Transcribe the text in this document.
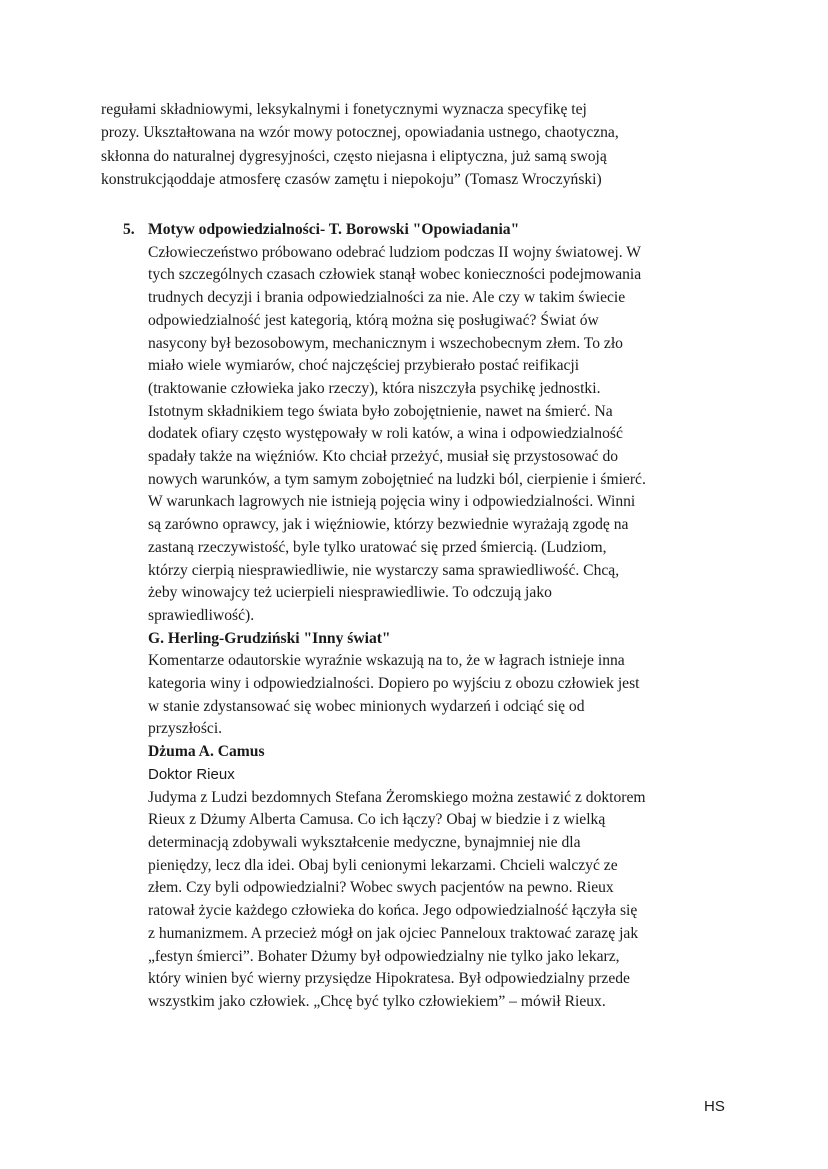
regułami składniowymi, leksykalnymi i fonetycznymi wyznacza specyfikę tej

prozy. Ukształtowana na wzór mowy potocznej, opowiadania ustnego, chaotyczna,

skłonna do naturalnej dygresyjności, często niejasna i eliptyczna, już samą swoją

konstrukcjąoddaje atmosferę czasów zamętu i niepokoju” (Tomasz Wroczyński)

5. Motyw odpowiedzialności- T. Borowski "Opowiadania"

Człowieczeństwo próbowano odebrać ludziom podczas II wojny światowej. W

tych szczególnych czasach człowiek stanął wobec konieczności podejmowania

trudnych decyzji i brania odpowiedzialności za nie. Ale czy w takim świecie

odpowiedzialność jest kategorią, którą można się posługiwać? Świat ów

nasycony był bezosobowym, mechanicznym i wszechobecnym złem. To zło

miało wiele wymiarów, choć najczęściej przybierało postać reifikacji

(traktowanie człowieka jako rzeczy), która niszczyła psychikę jednostki.

Istotnym składnikiem tego świata było zobojętnienie, nawet na śmierć. Na

dodatek ofiary często występowały w roli katów, a wina i odpowiedzialność

spadały także na więźniów. Kto chciał przeżyć, musiał się przystosować do

nowych warunków, a tym samym zobojętnieć na ludzki ból, cierpienie i śmierć.

W warunkach lagrowych nie istnieją pojęcia winy i odpowiedzialności. Winni

są zarówno oprawcy, jak i więźniowie, którzy bezwiednie wyrażają zgodę na

zastaną rzeczywistość, byle tylko uratować się przed śmiercią. (Ludziom,

którzy cierpią niesprawiedliwie, nie wystarczy sama sprawiedliwość. Chcą,

żeby winowajcy też ucierpieli niesprawiedliwie. To odczują jako

sprawiedliwość).

G. Herling-Grudziński "Inny świat"

Komentarze odautorskie wyraźnie wskazują na to, że w łagrach istnieje inna

kategoria winy i odpowiedzialności. Dopiero po wyjściu z obozu człowiek jest

w stanie zdystansować się wobec minionych wydarzeń i odciąć się od

przyszłości.

Dżuma A. Camus

Doktor Rieux

Judyma z Ludzi bezdomnych Stefana Żeromskiego można zestawić z doktorem

Rieux z Dżumy Alberta Camusa. Co ich łączy? Obaj w biedzie i z wielką

determinacją zdobywali wykształcenie medyczne, bynajmniej nie dla

pieniędzy, lecz dla idei. Obaj byli cenionymi lekarzami. Chcieli walczyć ze

złem. Czy byli odpowiedzialni? Wobec swych pacjentów na pewno. Rieux

ratował życie każdego człowieka do końca. Jego odpowiedzialność łączyła się

z humanizmem. A przecież mógł on jak ojciec Panneloux traktować zarazę jak

„festyn śmierci”. Bohater Dżumy był odpowiedzialny nie tylko jako lekarz,

który winien być wierny przysiędze Hipokratesa. Był odpowiedzialny przede

wszystkim jako człowiek. „Chcę być tylko człowiekiem” – mówił Rieux.

HS
